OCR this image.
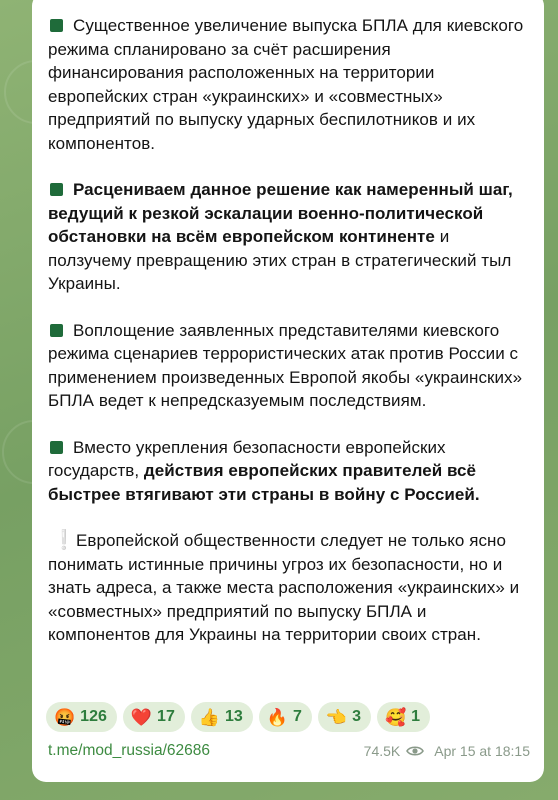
Существенное увеличение выпуска БПЛА для киевского режима спланировано за счёт расширения финансирования расположенных на территории европейских стран «украинских» и «совместных» предприятий по выпуску ударных беспилотников и их компонентов.

Расцениваем данное решение как намеренный шаг, ведущий к резкой эскалации военно-политической обстановки на всём европейском континенте и ползучему превращению этих стран в стратегический тыл Украины.

Воплощение заявленных представителями киевского режима сценариев террористических атак против России с применением произведенных Европой якобы «украинских» БПЛА ведет к непредсказуемым последствиям.

Вместо укрепления безопасности европейских государств, действия европейских правителей всё быстрее втягивают эти страны в войну с Россией.

❕Европейской общественности следует не только ясно понимать истинные причины угроз их безопасности, но и знать адреса, а также места расположения «украинских» и «совместных» предприятий по выпуску БПЛА и компонентов для Украины на территории своих стран.

🤬 126 ❤️ 17 👍 13 🔥 7 👈 3 🥰 1
t.me/mod_russia/62686	74.5K Apr 15 at 18:15
